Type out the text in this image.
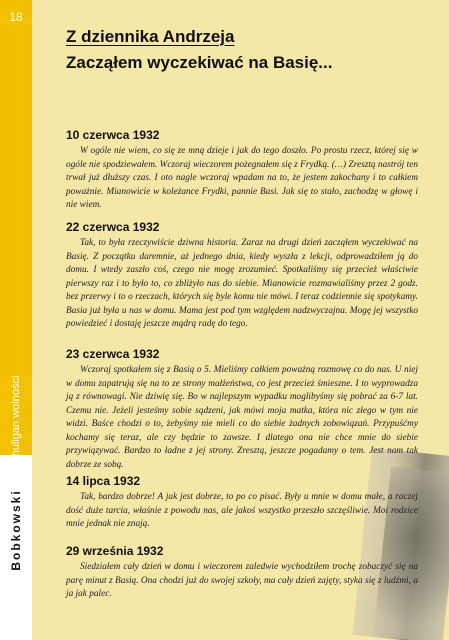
18
Chuligan wolności
Bobkowski
Z dziennika Andrzeja
Zacząłem wyczekiwać na Basię...
10 czerwca 1932
W ogóle nie wiem, co się ze mną dzieje i jak do tego doszło. Po prostu rzecz, której się w ogóle nie spodziewałem. Wczoraj wieczorem pożegnałem się z Frydką. (…) Zresztą nastrój ten trwał już dłuższy czas. I oto nagle wczoraj wpadam na to, że jestem zakochany i to całkiem poważnie. Mianowicie w koleżance Frydki, pannie Basi. Jak się to stało, zachodzę w głowę i nie wiem.
22 czerwca 1932
Tak, to była rzeczywiście dziwna historia. Zaraz na drugi dzień zacząłem wyczekiwać na Basię. Z początku daremnie, aż jednego dnia, kiedy wyszła z lekcji, odprowadziłem ją do domu. I wtedy zaszło coś, czego nie mogę zrozumieć. Spotkaliśmy się przecież właściwie pierwszy raz i to było to, co zbliżyło nas do siebie. Mianowicie rozmawialiśmy przez 2 godz. bez przerwy i to o rzeczach, których się byle komu nie mówi. I teraz codziennie się spotykamy. Basia już była u nas w domu. Mama jest pod tym względem nadzwyczajna. Mogę jej wszystko powiedzieć i dostaję jeszcze mądrą radę do tego.
23 czerwca 1932
Wczoraj spotkałem się z Basią o 5. Mieliśmy całkiem poważną rozmowę co do nas. U niej w domu zapatrują się na to ze strony małżeństwa, co jest przecież śmieszne. I to wyprowadza ją z równowagi. Nie dziwię się. Bo w najlepszym wypadku moglibyśmy się pobrać za 6-7 lat. Czemu nie. Jeżeli jesteśmy sobie sądzeni, jak mówi moja matka, która nic złego w tym nie widzi. Baśce chodzi o to, żebyśmy nie mieli co do siebie żadnych zobowiązań. Przypuśćmy kochamy się teraz, ale czy będzie to zawsze. I dlatego ona nie chce mnie do siebie przywiązywać. Bardzo to ładne z jej strony. Zresztą, jeszcze pogadamy o tem. Jest nam tak dobrze ze sobą.
14 lipca 1932
Tak, bardzo dobrze! A jak jest dobrze, to po co pisać. Były u mnie w domu małe, a raczej dość duże tarcia, właśnie z powodu nas, ale jakoś wszystko przeszło szczęśliwie. Moi rodzice mnie jednak nie znają.
29 września 1932
Siedziałem cały dzień w domu i wieczorem zaledwie wychodziłem trochę zobaczyć się na parę minut z Basią. Ona chodzi już do swojej szkoły, ma cały dzień zajęty, styka się z ludźmi, a ja jak palec.
